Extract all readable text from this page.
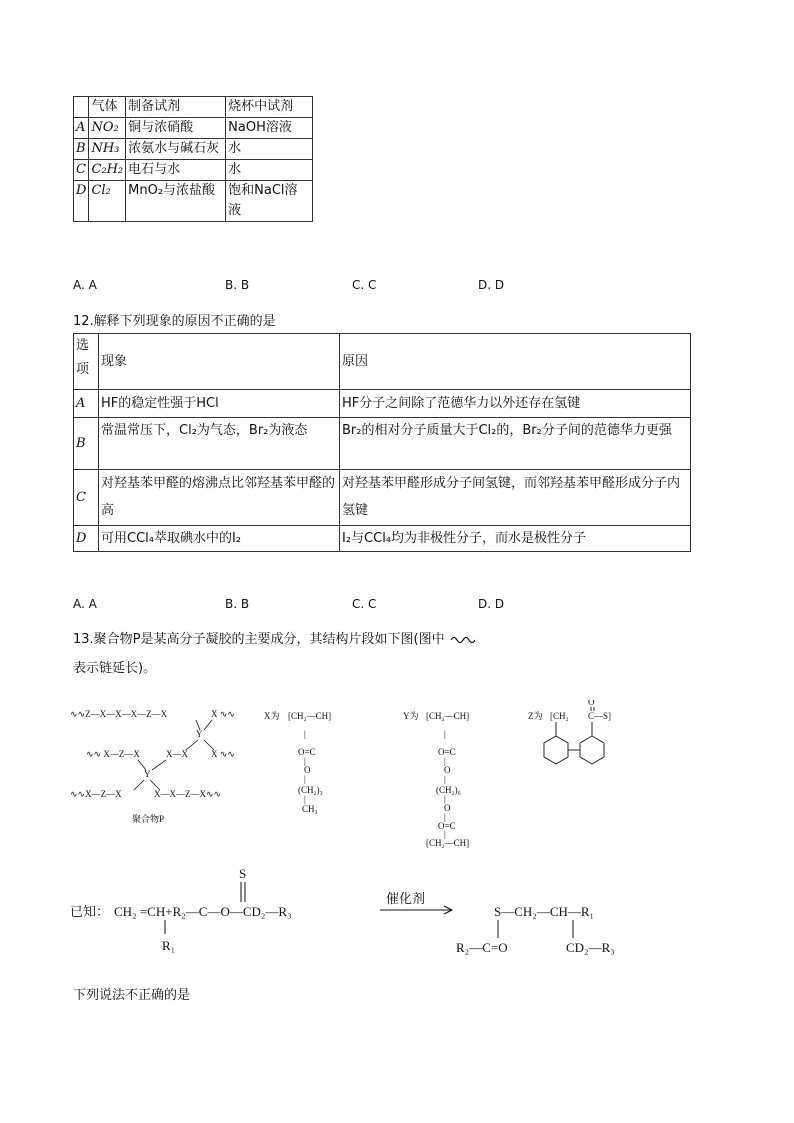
	气体	制备试剂	烧杯中试剂
A	NO₂	铜与浓硝酸	NaOH溶液
B	NH₃	浓氨水与碱石灰	水
C	C₂H₂	电石与水	水
D	Cl₂	MnO₂与浓盐酸	饱和NaCl溶液
A. A	B. B	C. C	D. D
12.解释下列现象的原因不正确的是
选项	现象	原因
A	HF的稳定性强于HCl	HF分子之间除了范德华力以外还存在氢键
B	常温常压下，Cl₂为气态，Br₂为液态	Br₂的相对分子质量大于Cl₂的，Br₂分子间的范德华力更强
C	对羟基苯甲醛的熔沸点比邻羟基苯甲醛的高	对羟基苯甲醛形成分子间氢键，而邻羟基苯甲醛形成分子内氢键
D	可用CCl₄萃取碘水中的I₂	I₂与CCl₄均为非极性分子，而水是极性分子
A. A	B. B	C. C	D. D
13.聚合物P是某高分子凝胶的主要成分，其结构片段如下图(图中
表示链延长)。
∿∿Z—X—X—X—Z—X	X ∿∿
Y
∿∿ X—Z—X	X—X	X ∿∿
Y
∿∿X—Z—X	X—X—Z—X∿∿
聚合物P
X为 [CH₂—CH]
|
O=C
|
O
|
(CH₂)₃
|
CH₃
Y为 [CH₂—CH]
|
O=C
|
O
|
(CH₂)₆
|
O
|
O=C
|
[CH₂—CH]
Z为 [CH₂
O
C—S]
已知： CH₂ =CH+R₂—C—O—CD₂—R₃
R₁
S
催化剂
S—CH₂—CH—R₁
R₂—C=O	CD₂—R₃
下列说法不正确的是
